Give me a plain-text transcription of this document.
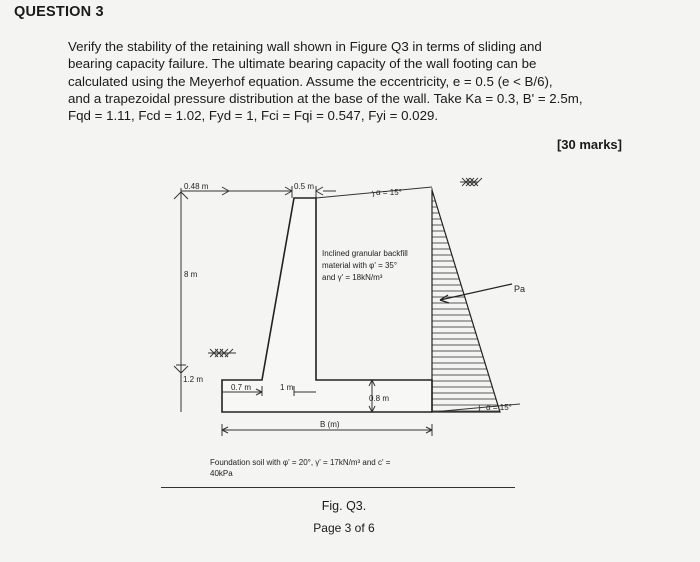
QUESTION 3
Verify the stability of the retaining wall shown in Figure Q3 in terms of sliding and
bearing capacity failure. The ultimate bearing capacity of the wall footing can be
calculated using the Meyerhof equation. Assume the eccentricity, e = 0.5 (e < B/6),
and a trapezoidal pressure distribution at the base of the wall. Take Ka = 0.3, B' = 2.5m,
Fqd = 1.11, Fcd = 1.02, Fyd = 1, Fci = Fqi = 0.547, Fyi = 0.029.
[30 marks]
Pa
0.48 m	0.5 m
α = 15°
8 m
1.2 m
0.7 m	1 m
0.8 m
B (m)
α = 15°
Inclined granular backfill
material with φ' = 35°
and γ' = 18kN/m³
Foundation soil with φ' = 20°, γ' = 17kN/m³ and c' =
40kPa
Fig. Q3.
Page 3 of 6
